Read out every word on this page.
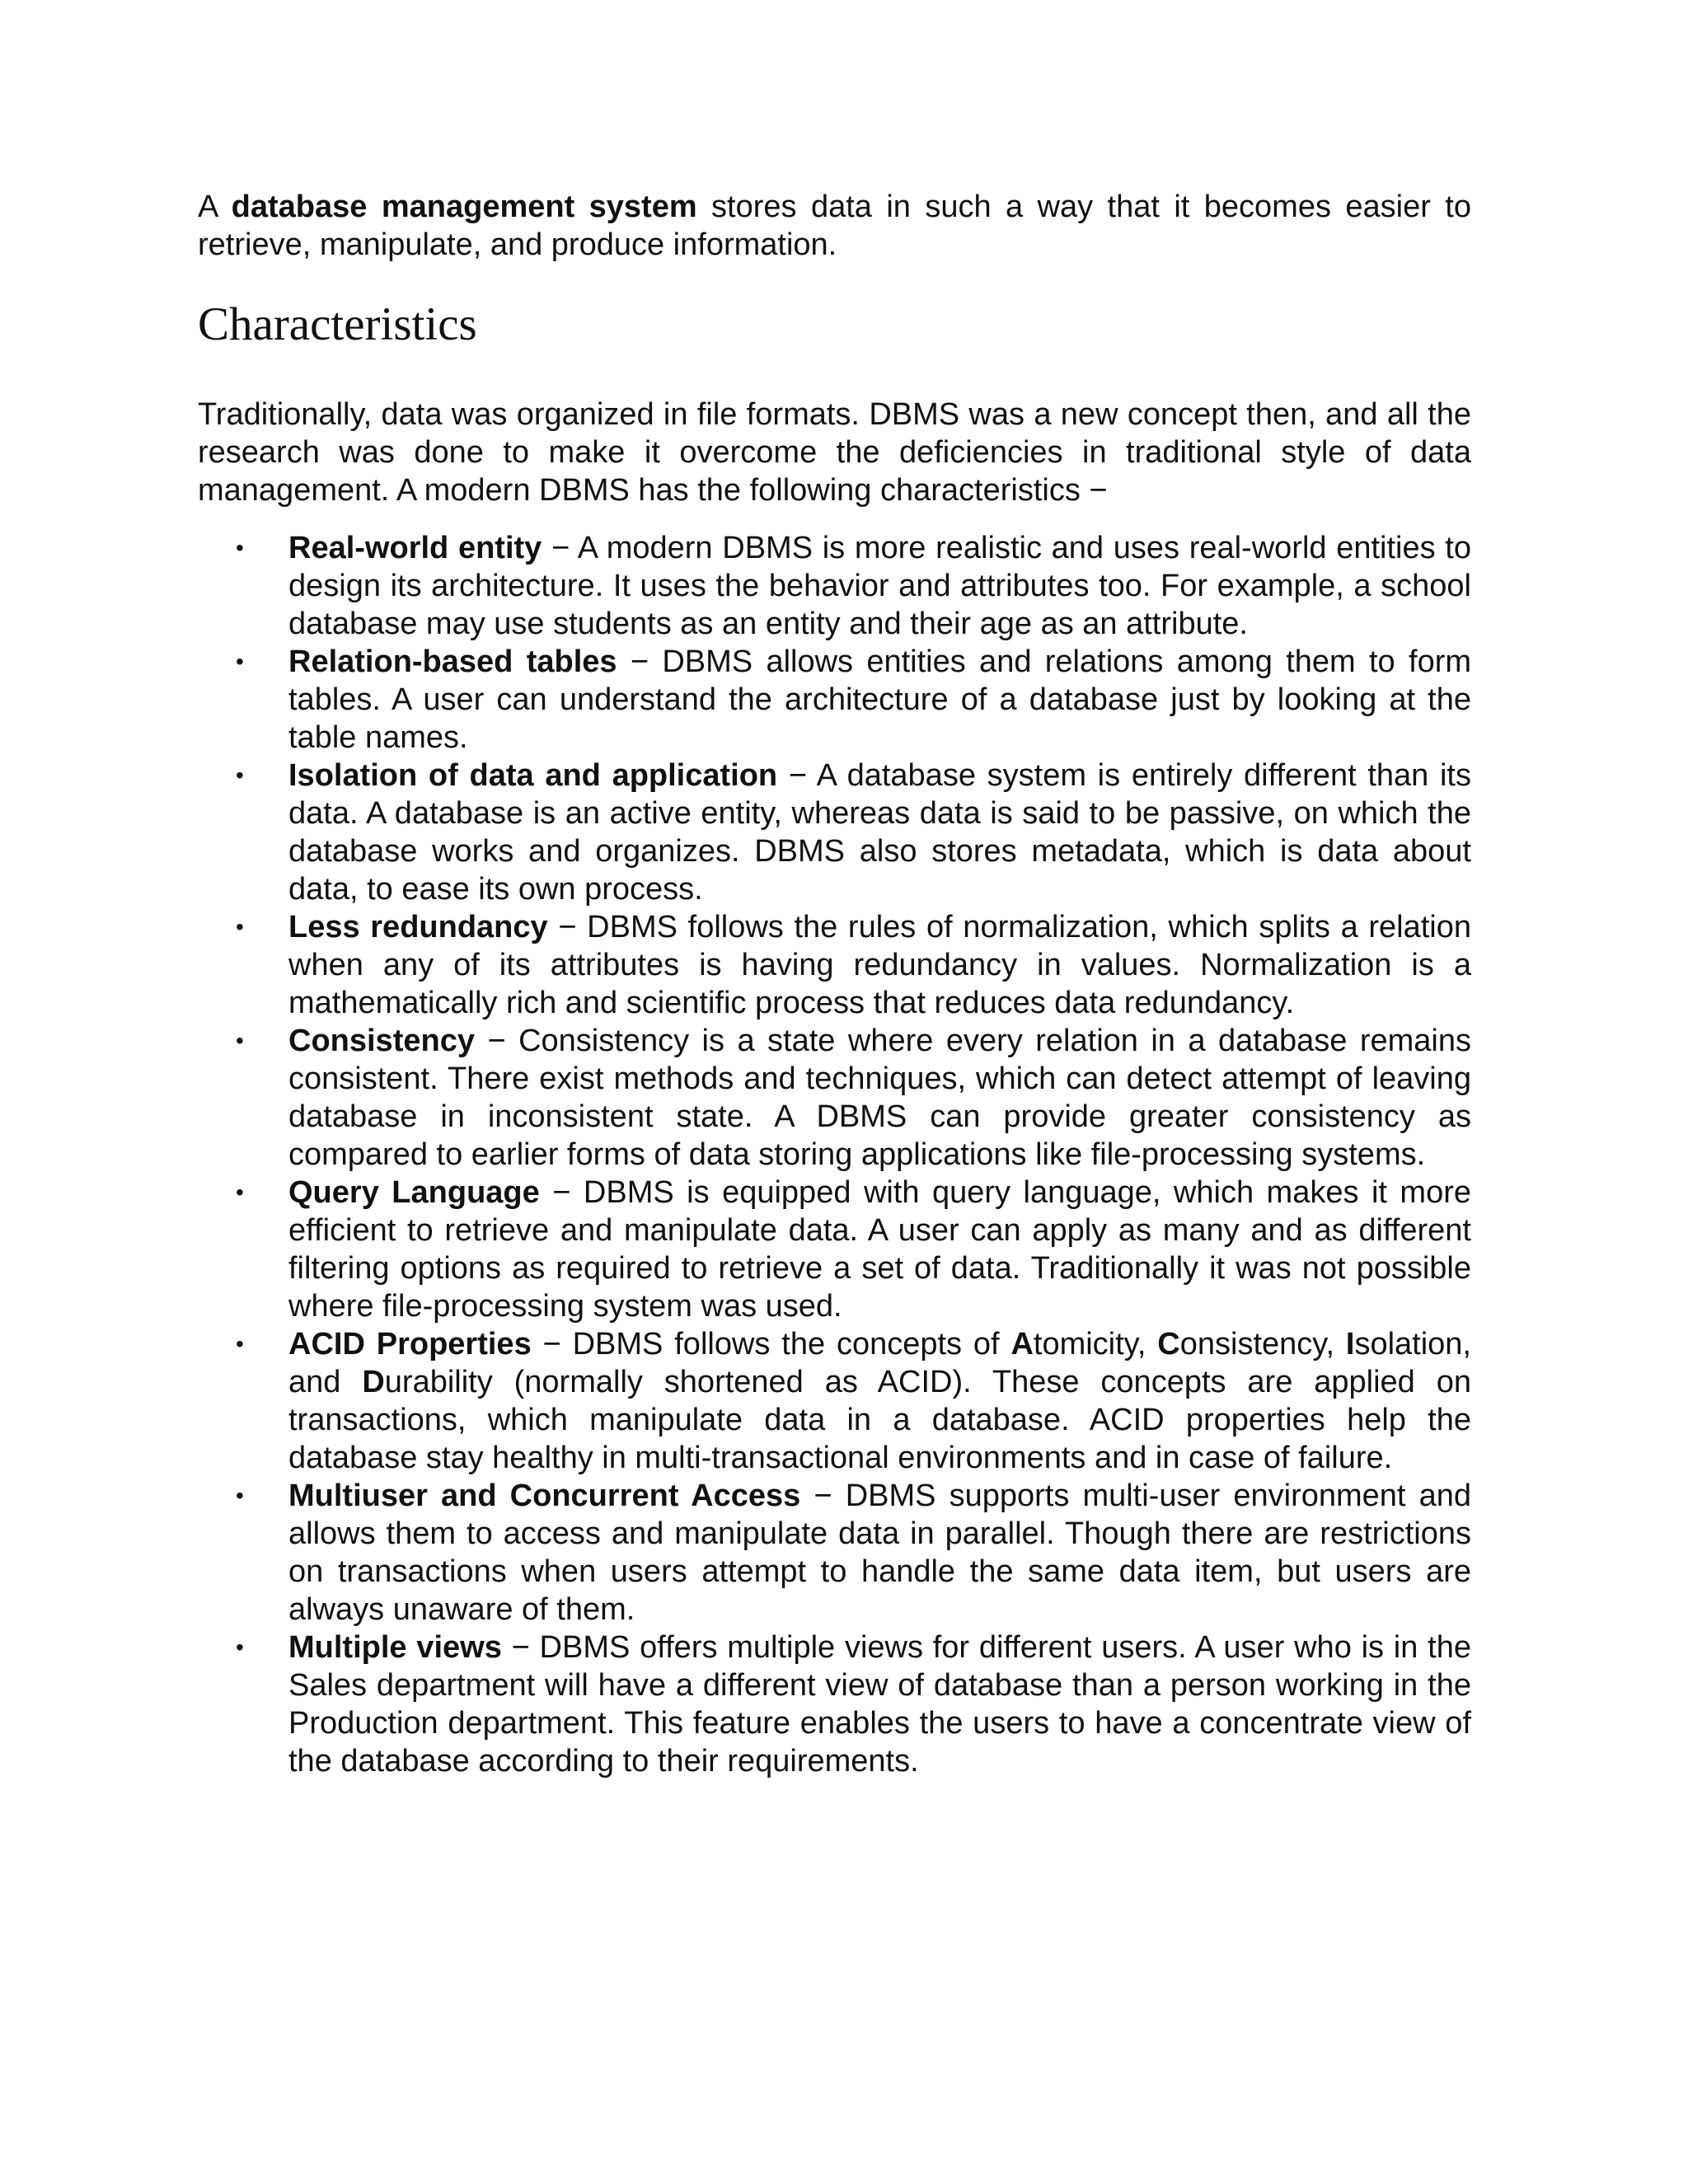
A database management system stores data in such a way that it becomes easier to retrieve, manipulate, and produce information.

Characteristics

Traditionally, data was organized in file formats. DBMS was a new concept then, and all the research was done to make it overcome the deficiencies in traditional style of data management. A modern DBMS has the following characteristics −

• Real-world entity − A modern DBMS is more realistic and uses real-world entities to design its architecture. It uses the behavior and attributes too. For example, a school database may use students as an entity and their age as an attribute.
• Relation-based tables − DBMS allows entities and relations among them to form tables. A user can understand the architecture of a database just by looking at the table names.
• Isolation of data and application − A database system is entirely different than its data. A database is an active entity, whereas data is said to be passive, on which the database works and organizes. DBMS also stores metadata, which is data about data, to ease its own process.
• Less redundancy − DBMS follows the rules of normalization, which splits a relation when any of its attributes is having redundancy in values. Normalization is a mathematically rich and scientific process that reduces data redundancy.
• Consistency − Consistency is a state where every relation in a database remains consistent. There exist methods and techniques, which can detect attempt of leaving database in inconsistent state. A DBMS can provide greater consistency as compared to earlier forms of data storing applications like file-processing systems.
• Query Language − DBMS is equipped with query language, which makes it more efficient to retrieve and manipulate data. A user can apply as many and as different filtering options as required to retrieve a set of data. Traditionally it was not possible where file-processing system was used.
• ACID Properties − DBMS follows the concepts of Atomicity, Consistency, Isolation, and Durability (normally shortened as ACID). These concepts are applied on transactions, which manipulate data in a database. ACID properties help the database stay healthy in multi-transactional environments and in case of failure.
• Multiuser and Concurrent Access − DBMS supports multi-user environment and allows them to access and manipulate data in parallel. Though there are restrictions on transactions when users attempt to handle the same data item, but users are always unaware of them.
• Multiple views − DBMS offers multiple views for different users. A user who is in the Sales department will have a different view of database than a person working in the Production department. This feature enables the users to have a concentrate view of the database according to their requirements.
